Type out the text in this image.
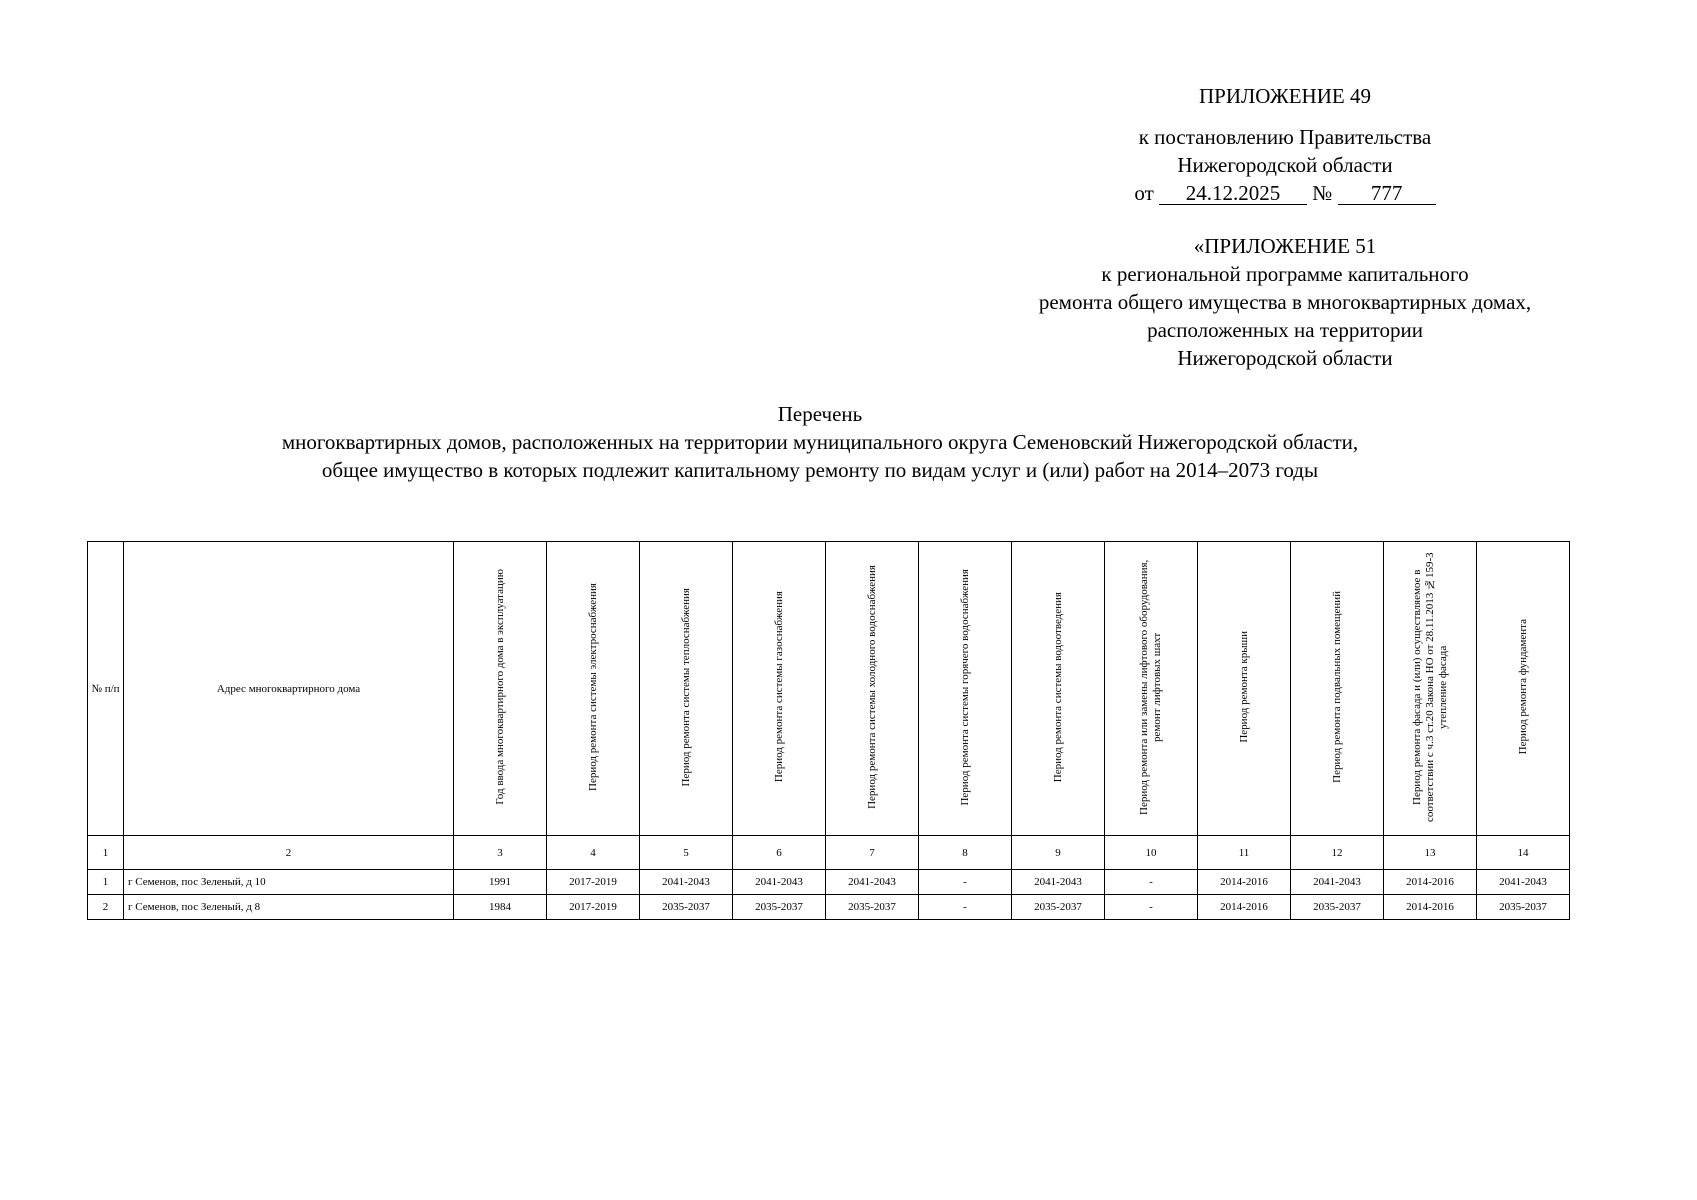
ПРИЛОЖЕНИЕ 49
к постановлению Правительства
Нижегородской области
от 24.12.2025 № 777
«ПРИЛОЖЕНИЕ 51
к региональной программе капитального
ремонта общего имущества в многоквартирных домах,
расположенных на территории
Нижегородской области
Перечень
многоквартирных домов, расположенных на территории муниципального округа Семеновский Нижегородской области,
общее имущество в которых подлежит капитальному ремонту по видам услуг и (или) работ на 2014–2073 годы
№ п/п	Адрес многоквартирного дома	Год ввода многоквартирного дома в эксплуатацию	Период ремонта системы электроснабжения	Период ремонта системы теплоснабжения	Период ремонта системы газоснабжения	Период ремонта системы холодного водоснабжения	Период ремонта системы горячего водоснабжения	Период ремонта системы водоотведения	Период ремонта или замены лифтового оборудования, ремонт лифтовых шахт	Период ремонта крыши	Период ремонта подвальных помещений	Период ремонта фасада и (или) осуществляемое в соответствии с ч.3 ст.20 Закона НО от 28.11.2013 №159-З утепление фасада	Период ремонта фундамента
1	2	3	4	5	6	7	8	9	10	11	12	13	14
1	г Семенов, пос Зеленый, д 10	1991	2017-2019	2041-2043	2041-2043	2041-2043	-	2041-2043	-	2014-2016	2041-2043	2014-2016	2041-2043
2	г Семенов, пос Зеленый, д 8	1984	2017-2019	2035-2037	2035-2037	2035-2037	-	2035-2037	-	2014-2016	2035-2037	2014-2016	2035-2037
